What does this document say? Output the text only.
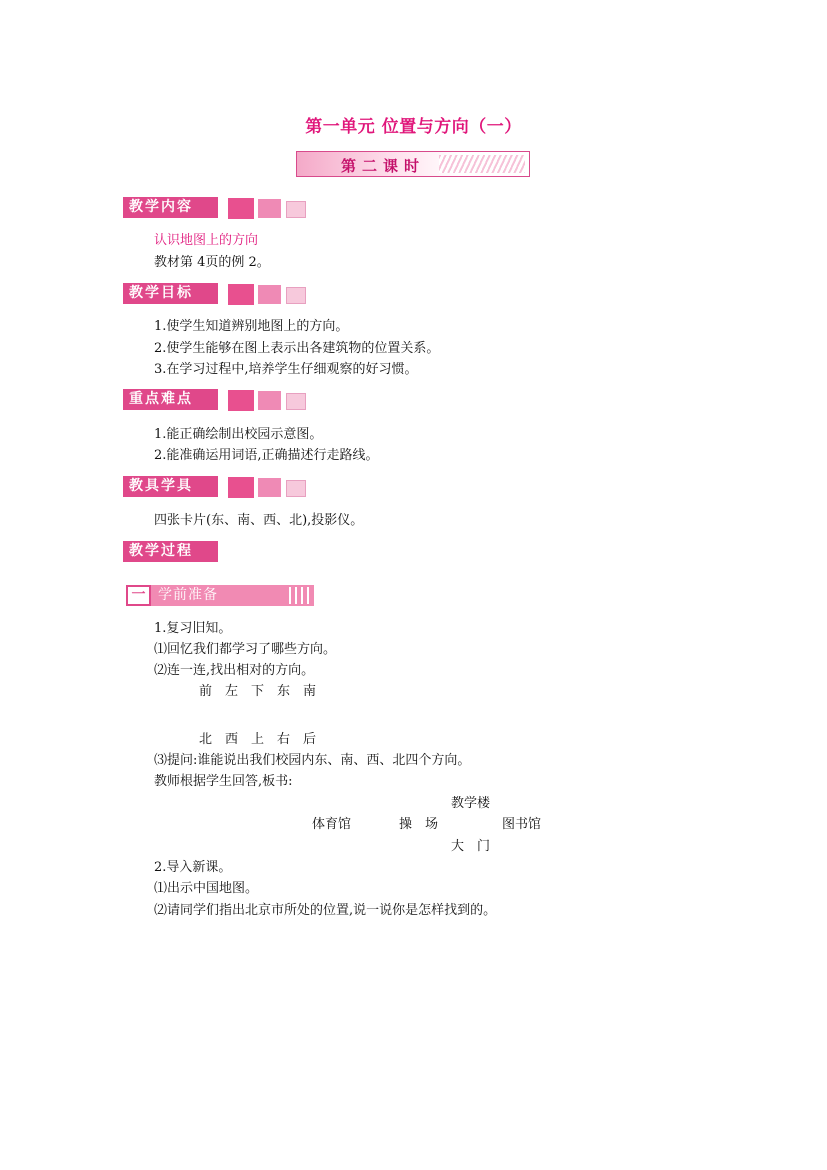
第一单元 位置与方向（一）
第二课时
教学内容
认识地图上的方向
教材第 4页的例 2。
教学目标
1.使学生知道辨别地图上的方向。
2.使学生能够在图上表示出各建筑物的位置关系。
3.在学习过程中,培养学生仔细观察的好习惯。
重点难点
1.能正确绘制出校园示意图。
2.能准确运用词语,正确描述行走路线。
教具学具
四张卡片(东、南、西、北),投影仪。
教学过程
一 学前准备
1.复习旧知。
⑴回忆我们都学习了哪些方向。
⑵连一连,找出相对的方向。
前　左　下　东　南
北　西　上　右　后
⑶提问:谁能说出我们校园内东、南、西、北四个方向。
教师根据学生回答,板书:
教学楼
体育馆	操　场	图书馆
大　门
2.导入新课。
⑴出示中国地图。
⑵请同学们指出北京市所处的位置,说一说你是怎样找到的。
